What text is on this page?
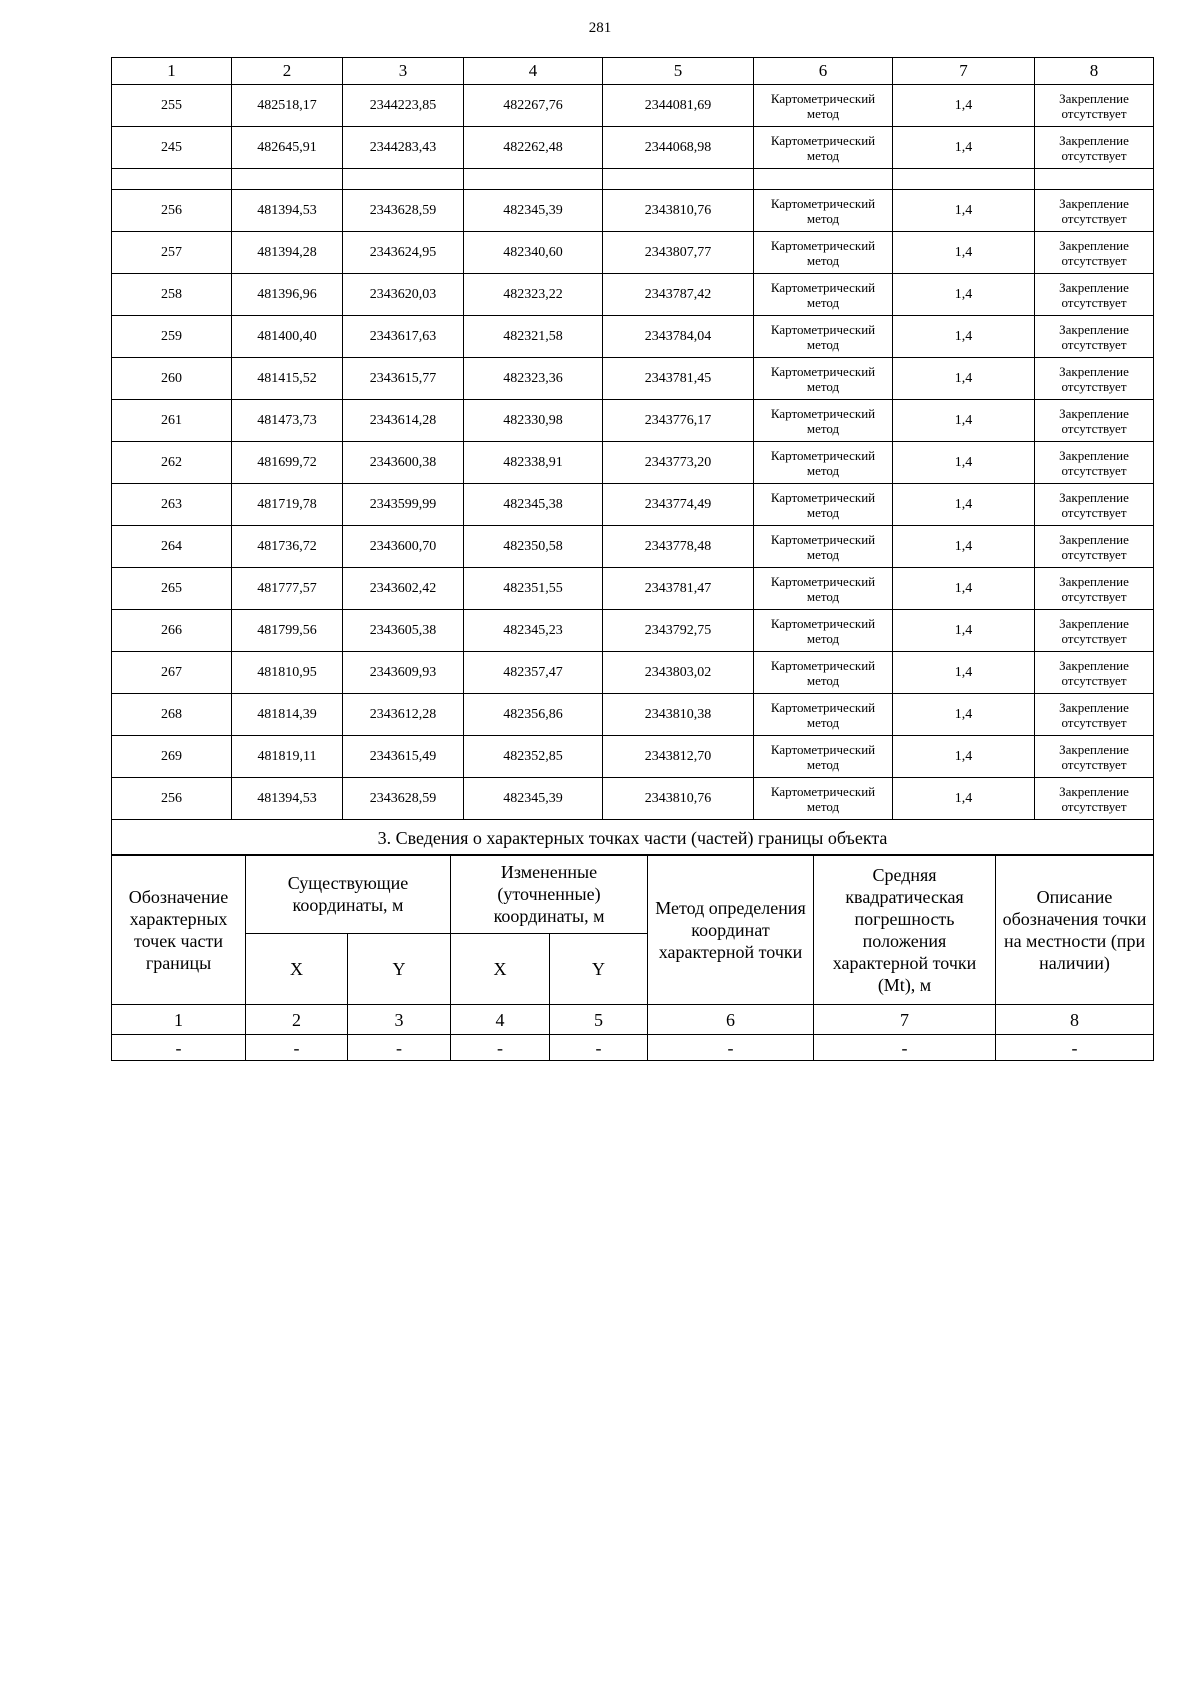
281
1	2	3	4	5	6	7	8
255	482518,17	2344223,85	482267,76	2344081,69	Картометрический метод	1,4	Закрепление отсутствует
245	482645,91	2344283,43	482262,48	2344068,98	Картометрический метод	1,4	Закрепление отсутствует

256	481394,53	2343628,59	482345,39	2343810,76	Картометрический метод	1,4	Закрепление отсутствует
257	481394,28	2343624,95	482340,60	2343807,77	Картометрический метод	1,4	Закрепление отсутствует
258	481396,96	2343620,03	482323,22	2343787,42	Картометрический метод	1,4	Закрепление отсутствует
259	481400,40	2343617,63	482321,58	2343784,04	Картометрический метод	1,4	Закрепление отсутствует
260	481415,52	2343615,77	482323,36	2343781,45	Картометрический метод	1,4	Закрепление отсутствует
261	481473,73	2343614,28	482330,98	2343776,17	Картометрический метод	1,4	Закрепление отсутствует
262	481699,72	2343600,38	482338,91	2343773,20	Картометрический метод	1,4	Закрепление отсутствует
263	481719,78	2343599,99	482345,38	2343774,49	Картометрический метод	1,4	Закрепление отсутствует
264	481736,72	2343600,70	482350,58	2343778,48	Картометрический метод	1,4	Закрепление отсутствует
265	481777,57	2343602,42	482351,55	2343781,47	Картометрический метод	1,4	Закрепление отсутствует
266	481799,56	2343605,38	482345,23	2343792,75	Картометрический метод	1,4	Закрепление отсутствует
267	481810,95	2343609,93	482357,47	2343803,02	Картометрический метод	1,4	Закрепление отсутствует
268	481814,39	2343612,28	482356,86	2343810,38	Картометрический метод	1,4	Закрепление отсутствует
269	481819,11	2343615,49	482352,85	2343812,70	Картометрический метод	1,4	Закрепление отсутствует
256	481394,53	2343628,59	482345,39	2343810,76	Картометрический метод	1,4	Закрепление отсутствует
3. Сведения о характерных точках части (частей) границы объекта							
Обозначение характерных точек части границы	Существующие координаты, м		Измененные (уточненные) координаты, м		Метод определения координат характерной точки	Средняя квадратическая погрешность положения характерной точки (Mt), м	Описание обозначения точки на местности (при наличии)
	X	Y	X	Y			
1	2	3	4	5	6	7	8
-	-	-	-	-	-	-	-
